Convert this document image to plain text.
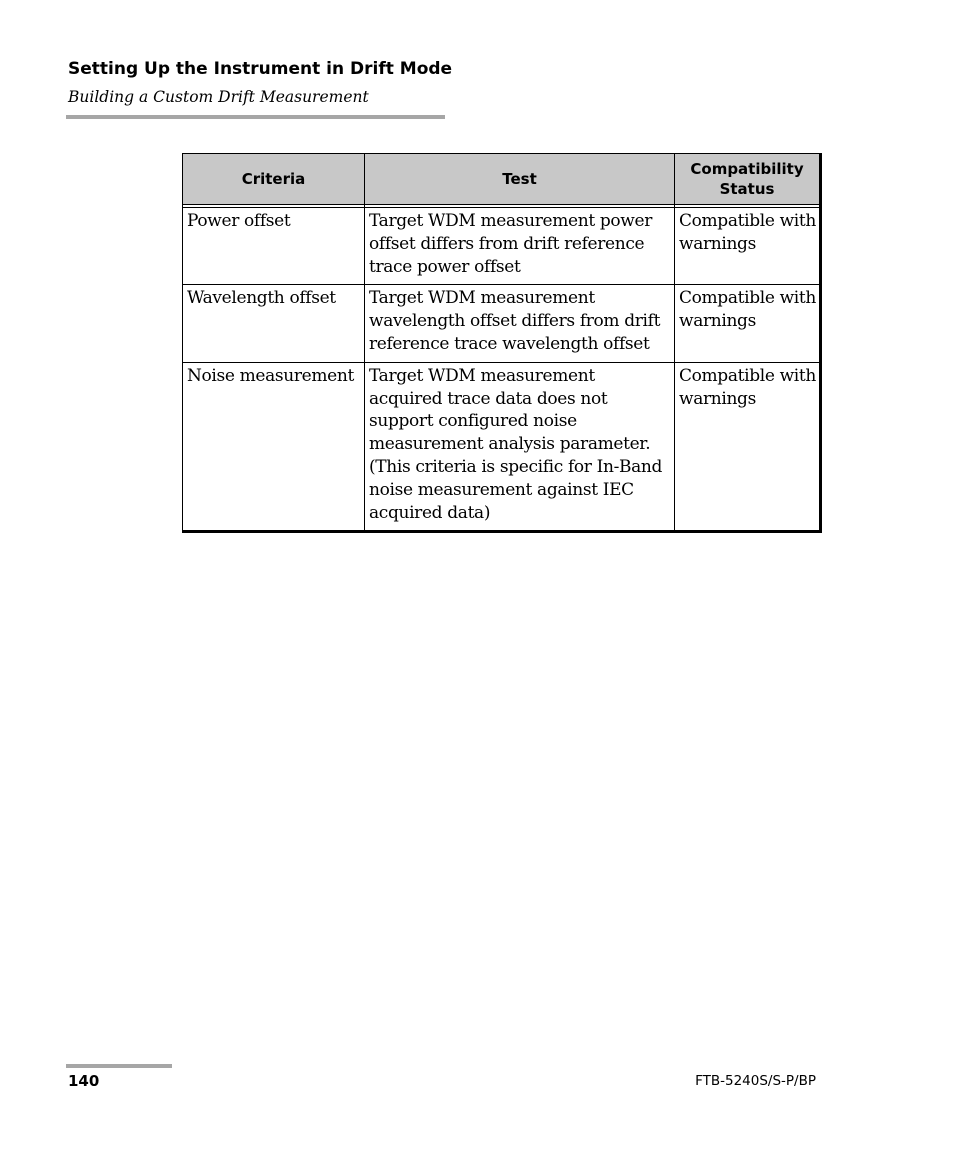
Setting Up the Instrument in Drift Mode
Building a Custom Drift Measurement
Criteria	Test	Compatibility Status

Power offset	Target WDM measurement power offset differs from drift reference trace power offset	Compatible with warnings
Wavelength offset	Target WDM measurement wavelength offset differs from drift reference trace wavelength offset	Compatible with warnings
Noise measurement	Target WDM measurement acquired trace data does not support configured noise measurement analysis parameter. (This criteria is specific for In-Band noise measurement against IEC acquired data)	Compatible with warnings
140	FTB-5240S/S-P/BP
